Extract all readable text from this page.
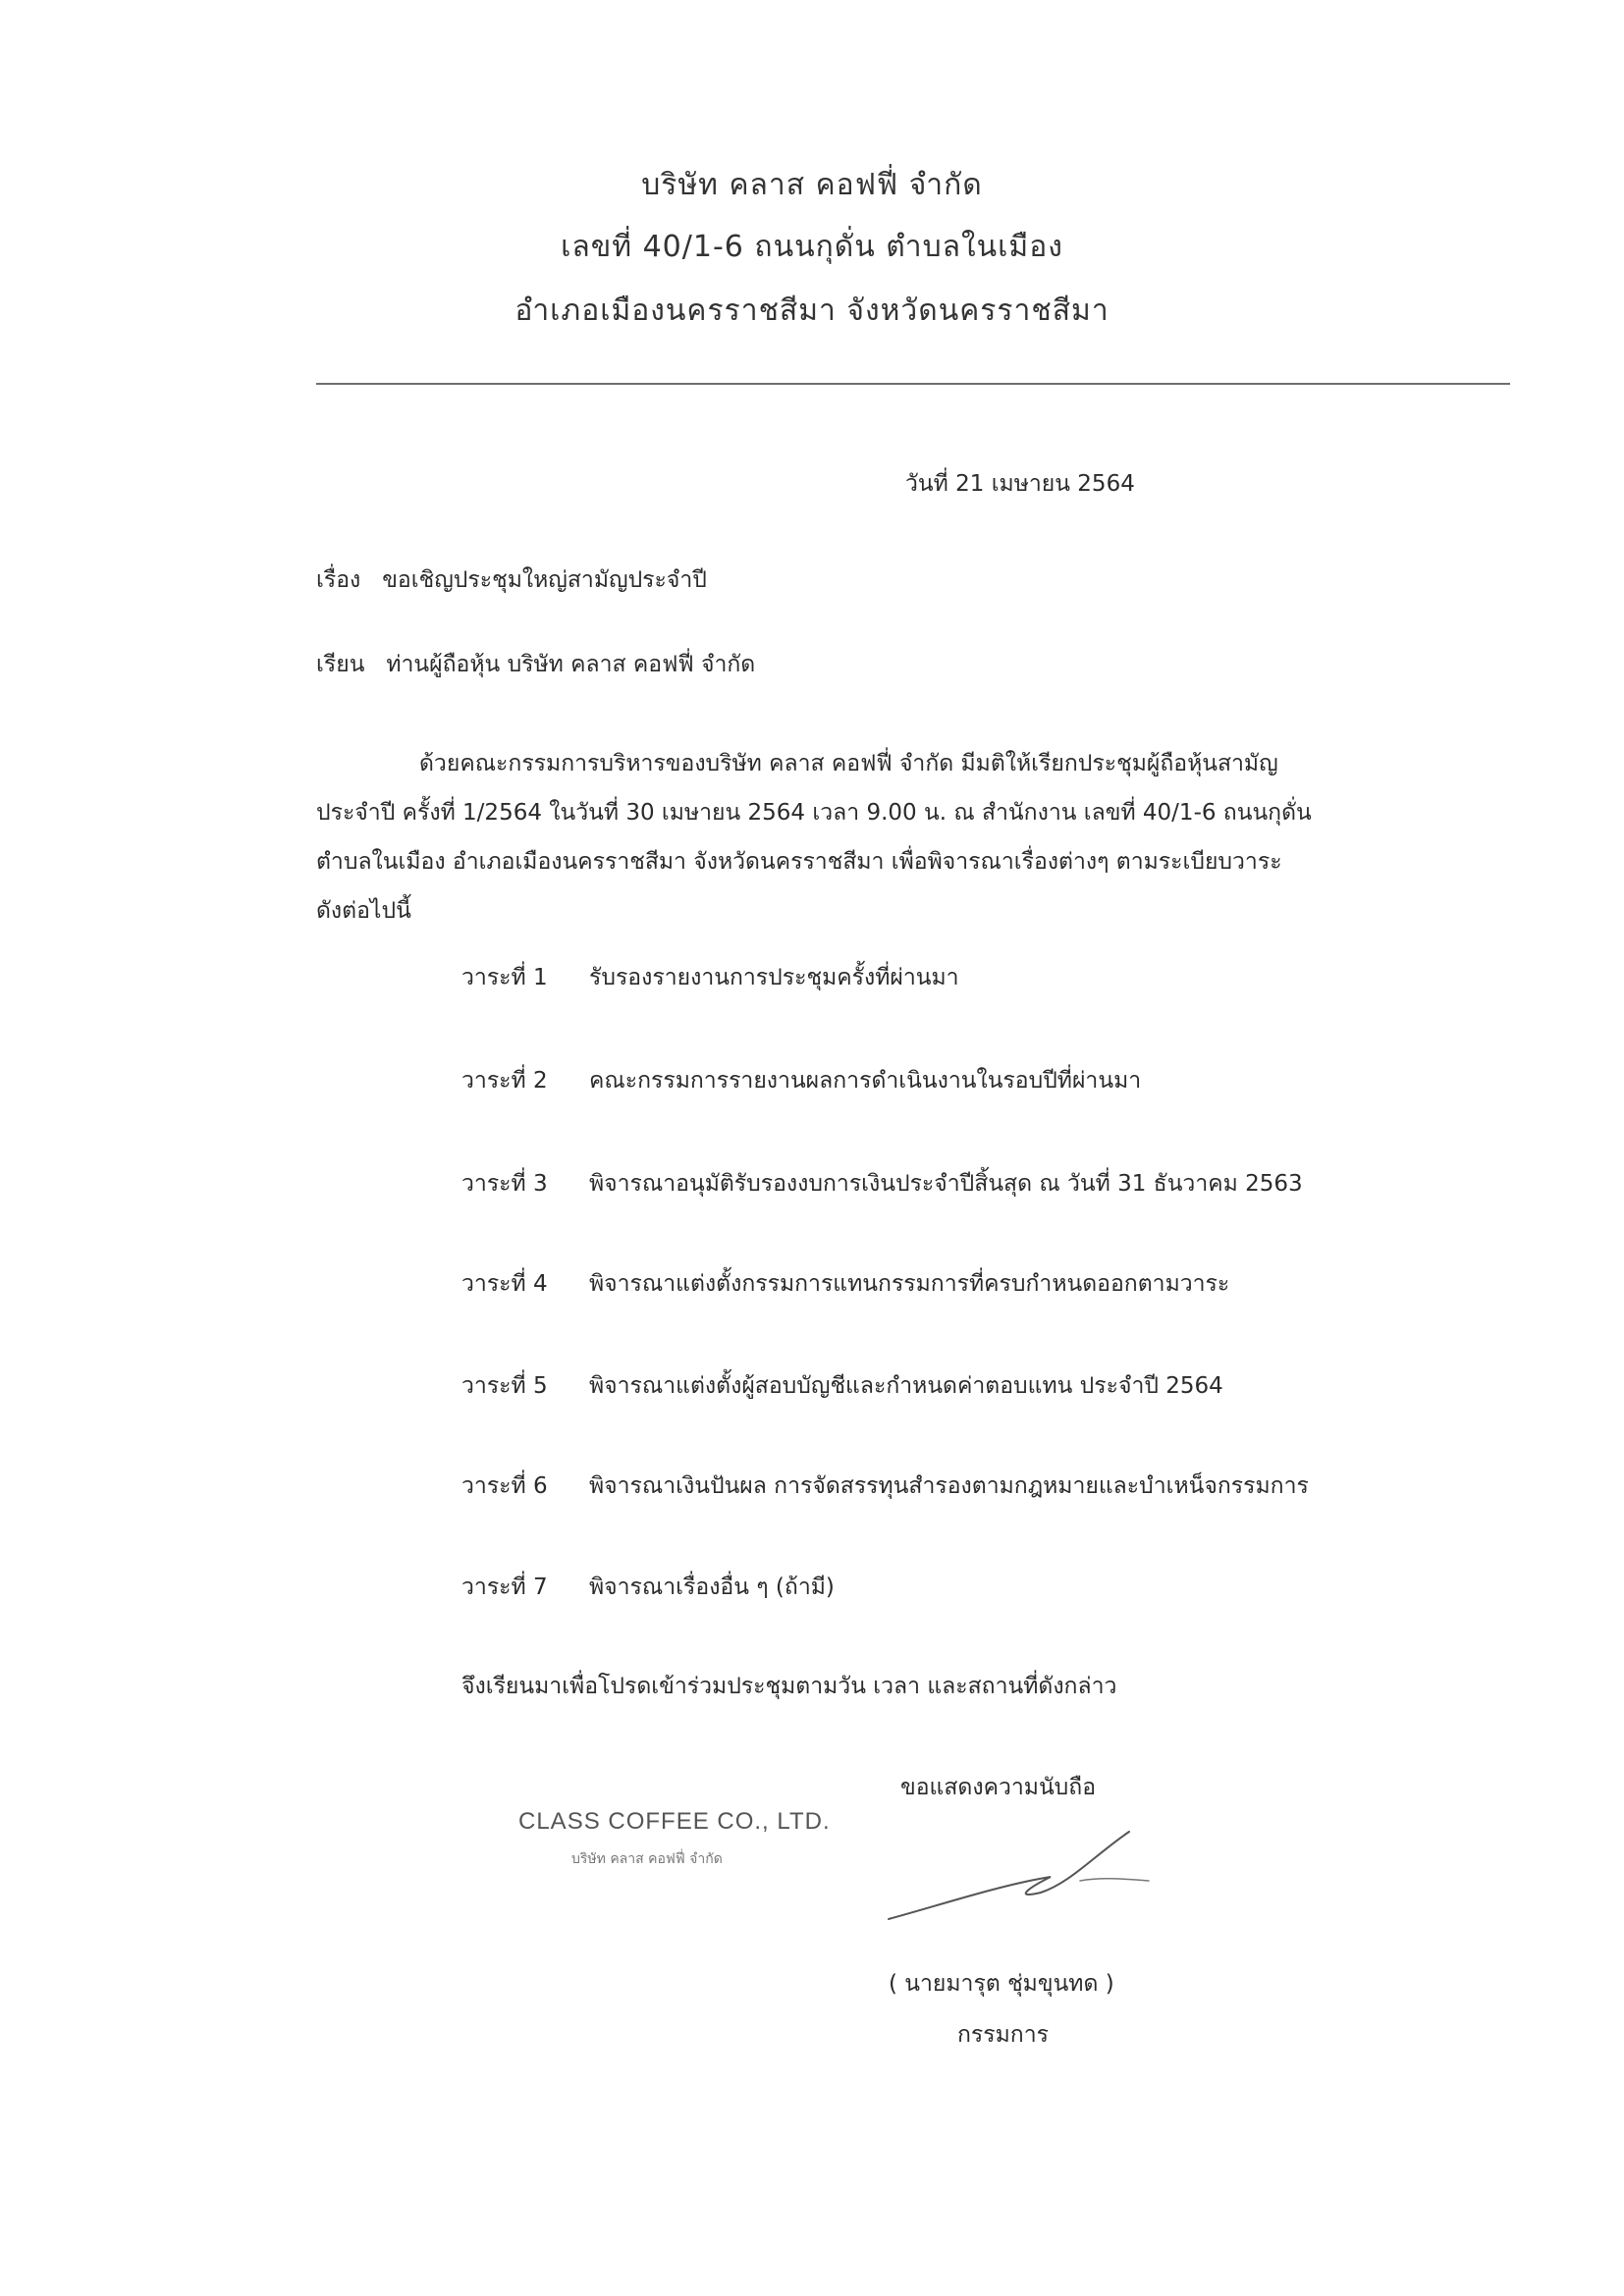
บริษัท คลาส คอฟฟี่ จำกัด
เลขที่ 40/1-6 ถนนกุดั่น ตำบลในเมือง
อำเภอเมืองนครราชสีมา จังหวัดนครราชสีมา
วันที่ 21 เมษายน 2564
เรื่อง ขอเชิญประชุมใหญ่สามัญประจำปี
เรียน ท่านผู้ถือหุ้น บริษัท คลาส คอฟฟี่ จำกัด
ด้วยคณะกรรมการบริหารของบริษัท คลาส คอฟฟี่ จำกัด มีมติให้เรียกประชุมผู้ถือหุ้นสามัญ
ประจำปี ครั้งที่ 1/2564 ในวันที่ 30 เมษายน 2564 เวลา 9.00 น. ณ สำนักงาน เลขที่ 40/1-6 ถนนกุดั่น
ตำบลในเมือง อำเภอเมืองนครราชสีมา จังหวัดนครราชสีมา เพื่อพิจารณาเรื่องต่างๆ ตามระเบียบวาระ
ดังต่อไปนี้
วาระที่ 1 รับรองรายงานการประชุมครั้งที่ผ่านมา
วาระที่ 2 คณะกรรมการรายงานผลการดำเนินงานในรอบปีที่ผ่านมา
วาระที่ 3 พิจารณาอนุมัติรับรองงบการเงินประจำปีสิ้นสุด ณ วันที่ 31 ธันวาคม 2563
วาระที่ 4 พิจารณาแต่งตั้งกรรมการแทนกรรมการที่ครบกำหนดออกตามวาระ
วาระที่ 5 พิจารณาแต่งตั้งผู้สอบบัญชีและกำหนดค่าตอบแทน ประจำปี 2564
วาระที่ 6 พิจารณาเงินปันผล การจัดสรรทุนสำรองตามกฎหมายและบำเหน็จกรรมการ
วาระที่ 7 พิจารณาเรื่องอื่น ๆ (ถ้ามี)
จึงเรียนมาเพื่อโปรดเข้าร่วมประชุมตามวัน เวลา และสถานที่ดังกล่าว
ขอแสดงความนับถือ
CLASS COFFEE CO., LTD.
บริษัท คลาส คอฟฟี่ จำกัด
( นายมารุต ชุ่มขุนทด )
กรรมการ
